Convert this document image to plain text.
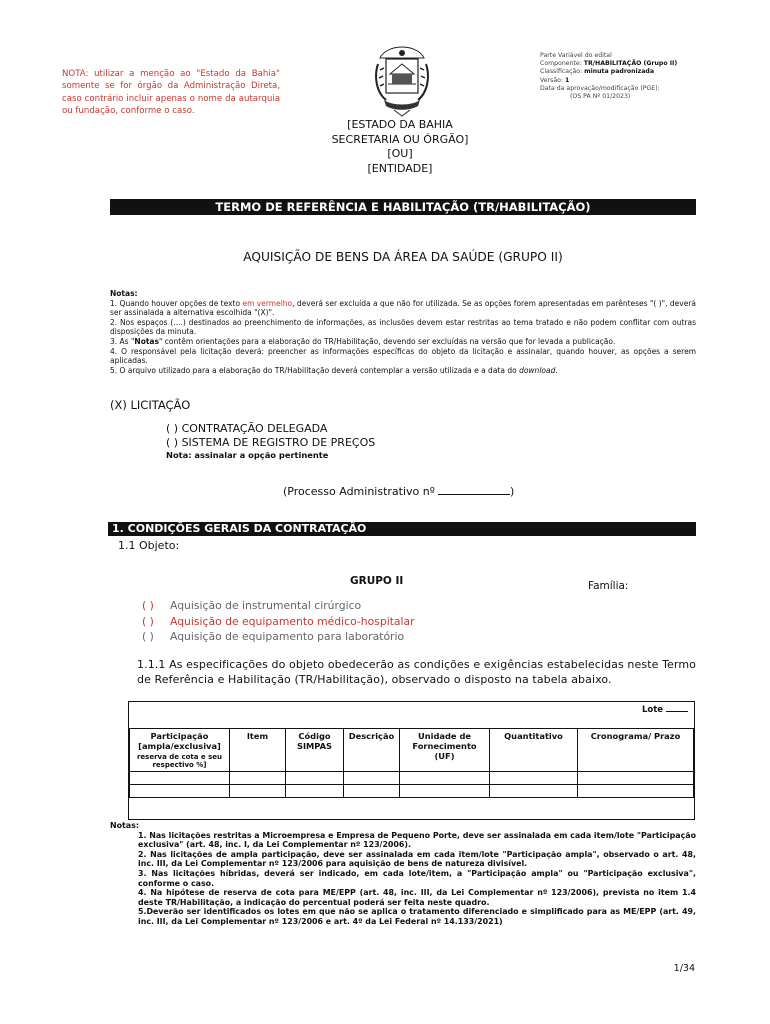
NOTA: utilizar a menção ao "Estado da Bahia" somente se for órgão da Administração Direta, caso contrário incluir apenas o nome da autarquia ou fundação, conforme o caso.
Parte Variável do edital
Componente: TR/HABILITAÇÃO (Grupo II)
Classificação: minuta padronizada
Versão: 1
Data da aprovação/modificação (PGE):
(OS PA Nº 01/2023)
[ESTADO DA BAHIA
SECRETARIA OU ÓRGÃO]
[OU]
[ENTIDADE]
TERMO DE REFERÊNCIA E HABILITAÇÃO (TR/HABILITAÇÃO)
AQUISIÇÃO DE BENS DA ÁREA DA SAÚDE (GRUPO II)
Notas:

1. Quando houver opções de texto em vermelho, deverá ser excluída a que não for utilizada. Se as opções forem apresentadas em parênteses "( )", deverá ser assinalada a alternativa escolhida "(X)".

2. Nos espaços (....) destinados ao preenchimento de informações, as inclusões devem estar restritas ao tema tratado e não podem conflitar com outras disposições da minuta.

3. As "Notas" contêm orientações para a elaboração do TR/Habilitação, devendo ser excluídas na versão que for levada a publicação.

4. O responsável pela licitação deverá: preencher as informações específicas do objeto da licitação e assinalar, quando houver, as opções a serem aplicadas.

5. O arquivo utilizado para a elaboração do TR/Habilitação deverá contemplar a versão utilizada e a data do download.

(X) LICITAÇÃO
( ) CONTRATAÇÃO DELEGADA
( ) SISTEMA DE REGISTRO DE PREÇOS
Nota: assinalar a opção pertinente
(Processo Administrativo nº	)
1. CONDIÇÕES GERAIS DA CONTRATAÇÃO
1.1 Objeto:
GRUPO II	Família:
( ) Aquisição de instrumental cirúrgico
( ) Aquisição de equipamento médico-hospitalar
( ) Aquisição de equipamento para laboratório
1.1.1 As especificações do objeto obedecerão as condições e exigências estabelecidas neste Termo de Referência e Habilitação (TR/Habilitação), observado o disposto na tabela abaixo.
Lote
Participação [ampla/exclusiva]
reserva de cota e seu respectivo %]	Item	Código SIMPAS	Descrição	Unidade de Fornecimento (UF)	Quantitativo	Cronograma/ Prazo

Notas:

1. Nas licitações restritas a Microempresa e Empresa de Pequeno Porte, deve ser assinalada em cada item/lote "Participação exclusiva" (art. 48, inc. I, da Lei Complementar nº 123/2006).

2. Nas licitações de ampla participação, deve ser assinalada em cada item/lote "Participação ampla", observado o art. 48, inc. III, da Lei Complementar nº 123/2006 para aquisição de bens de natureza divisível.

3. Nas licitações híbridas, deverá ser indicado, em cada lote/item, a "Participação ampla" ou "Participação exclusiva", conforme o caso.

4. Na hipótese de reserva de cota para ME/EPP (art. 48, inc. III, da Lei Complementar nº 123/2006), prevista no item 1.4 deste TR/Habilitação, a indicação do percentual poderá ser feita neste quadro.

5.Deverão ser identificados os lotes em que não se aplica o tratamento diferenciado e simplificado para as ME/EPP (art. 49, inc. III, da Lei Complementar nº 123/2006 e art. 4º da Lei Federal nº 14.133/2021)

1/34
